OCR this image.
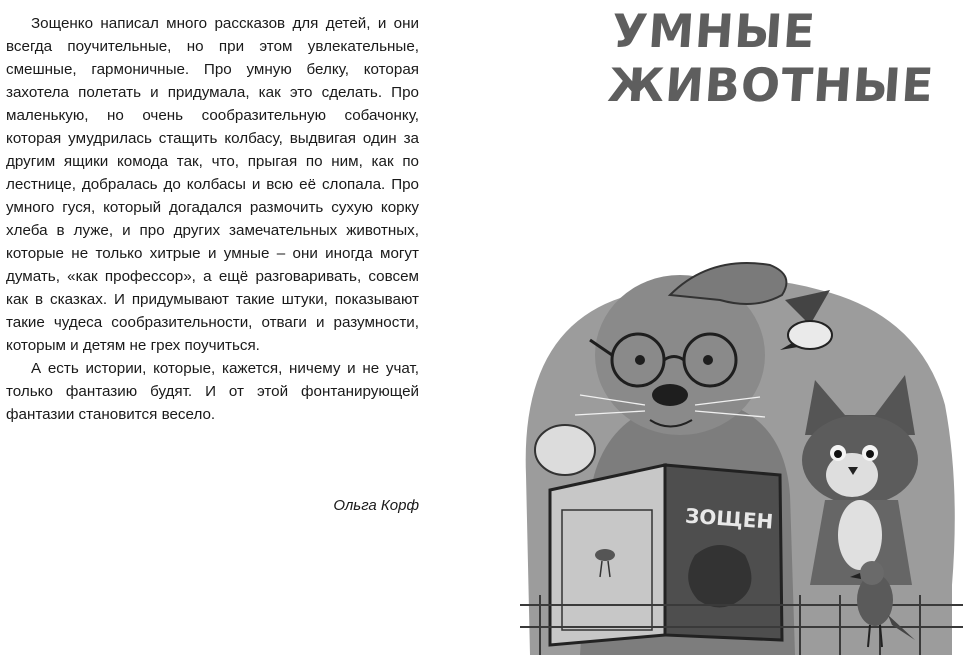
Зощенко написал много рассказов для детей, и они всегда поучительные, но при этом увлекательные, смешные, гармоничные. Про умную белку, которая захотела полетать и придумала, как это сделать. Про маленькую, но очень сообразительную собачонку, которая умудрилась стащить колбасу, выдвигая один за другим ящики комода так, что, прыгая по ним, как по лестнице, добралась до колбасы и всю её слопала. Про умного гуся, который догадался размочить сухую корку хлеба в луже, и про других замечательных животных, которые не только хитрые и умные – они иногда могут думать, «как профессор», а ещё разговаривать, совсем как в сказках. И придумывают такие штуки, показывают такие чудеса сообразительности, отваги и разумности, которым и детям не грех поучиться.

А есть истории, которые, кажется, ничему и не учат, только фантазию будят. И от этой фонтанирующей фантазии становится весело.

Ольга Корф
УМНЫЕ
ЖИВОТНЫЕ
ЗОЩЕН
